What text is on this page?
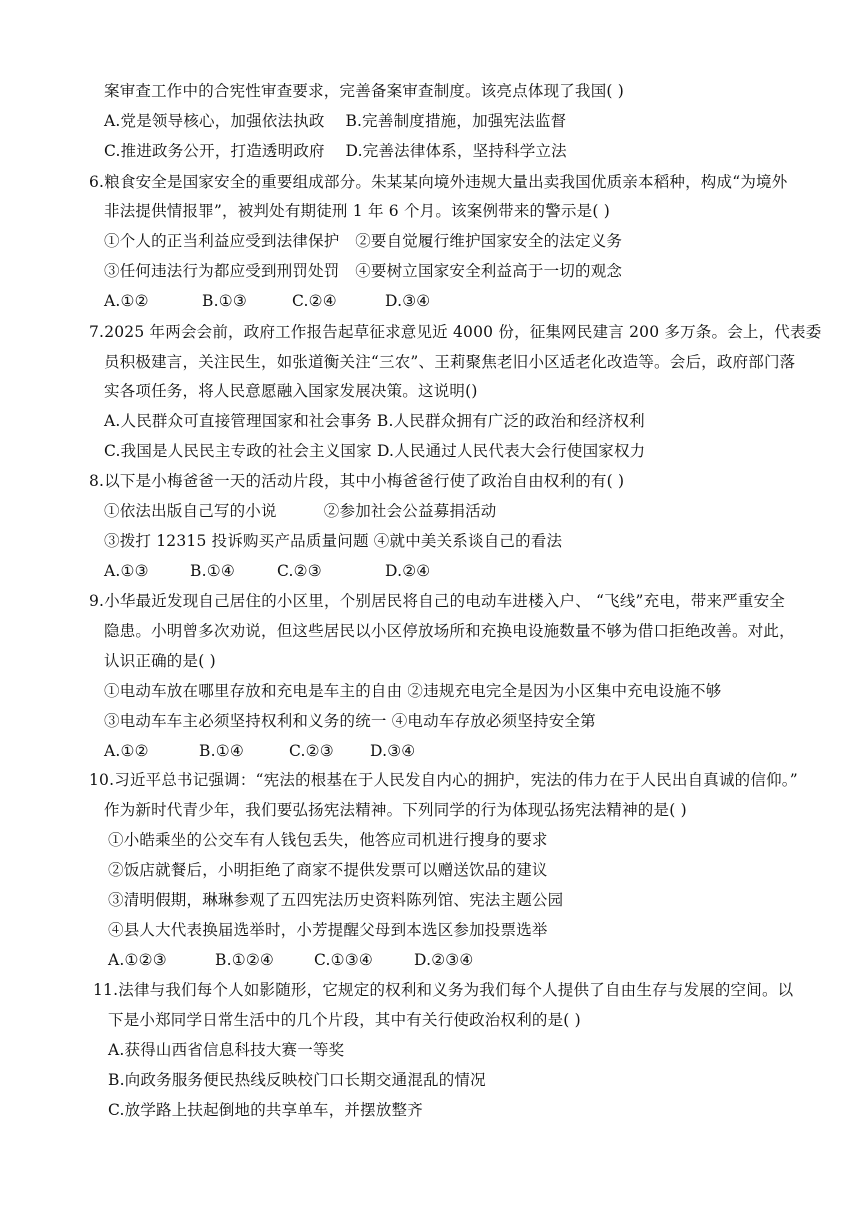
案审查工作中的合宪性审查要求，完善备案审查制度。该亮点体现了我国( )
A.党是领导核心，加强依法执政　 B.完善制度措施，加强宪法监督
C.推进政务公开，打造透明政府　 D.完善法律体系，坚持科学立法
6.粮食安全是国家安全的重要组成部分。朱某某向境外违规大量出卖我国优质亲本稻种，构成“为境外
非法提供情报罪”，被判处有期徒刑 1 年 6 个月。该案例带来的警示是( )
①个人的正当利益应受到法律保护　②要自觉履行维护国家安全的法定义务
③任何违法行为都应受到刑罚处罚　④要树立国家安全利益高于一切的观念
A.①②	B.①③	C.②④	D.③④
7.2025 年两会会前，政府工作报告起草征求意见近 4000 份，征集网民建言 200 多万条。会上，代表委
员积极建言，关注民生，如张道衡关注“三农”、王莉聚焦老旧小区适老化改造等。会后，政府部门落
实各项任务，将人民意愿融入国家发展决策。这说明()
A.人民群众可直接管理国家和社会事务 B.人民群众拥有广泛的政治和经济权利
C.我国是人民民主专政的社会主义国家 D.人民通过人民代表大会行使国家权力
8.以下是小梅爸爸一天的活动片段，其中小梅爸爸行使了政治自由权利的有( )
①依法出版自己写的小说　　　②参加社会公益募捐活动
③拨打 12315 投诉购买产品质量问题 ④就中美关系谈自己的看法
A.①③	B.①④	C.②③	D.②④
9.小华最近发现自己居住的小区里，个别居民将自己的电动车进楼入户、 “飞线”充电，带来严重安全
隐患。小明曾多次劝说，但这些居民以小区停放场所和充换电设施数量不够为借口拒绝改善。对此，
认识正确的是( )
①电动车放在哪里存放和充电是车主的自由 ②违规充电完全是因为小区集中充电设施不够
③电动车车主必须坚持权利和义务的统一 ④电动车存放必须坚持安全第
A.①②	B.①④	C.②③ D.③④
10.习近平总书记强调：“宪法的根基在于人民发自内心的拥护，宪法的伟力在于人民出自真诚的信仰。”
作为新时代青少年，我们要弘扬宪法精神。下列同学的行为体现弘扬宪法精神的是( )
①小皓乘坐的公交车有人钱包丢失，他答应司机进行搜身的要求
②饭店就餐后，小明拒绝了商家不提供发票可以赠送饮品的建议
③清明假期，琳琳参观了五四宪法历史资料陈列馆、宪法主题公园
④县人大代表换届选举时，小芳提醒父母到本选区参加投票选举
A.①②③	B.①②④	C.①③④	D.②③④
11.法律与我们每个人如影随形，它规定的权利和义务为我们每个人提供了自由生存与发展的空间。以
下是小郑同学日常生活中的几个片段，其中有关行使政治权利的是( )
A.获得山西省信息科技大赛一等奖
B.向政务服务便民热线反映校门口长期交通混乱的情况
C.放学路上扶起倒地的共享单车，并摆放整齐
